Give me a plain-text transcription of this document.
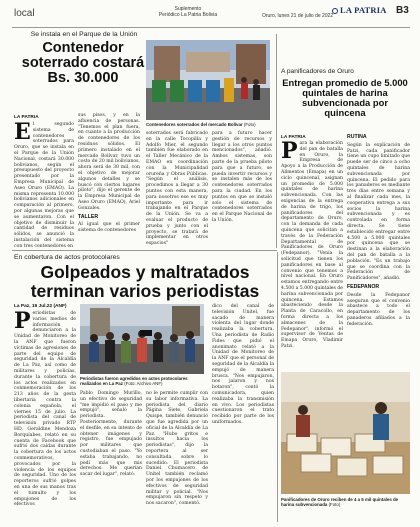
local	Suplemento
Periódico La Patria Bolivia	Oruro, lunes 21 de julio de 2022
LA PATRIA B3
Se instala en el Parque de la Unión
Contenedor soterrado costará Bs. 30.000
LA PATRIA
El segundo sistema de contenedores soterrados para Oruro, que se instala en el Parque de la Unión Nacional, costará 30.000 bolivianos, según el presupuesto del proyecto presentado por la Empresa Municipal de Aseo Oruro (EMAO). La misma representa 10.000 bolivianos adicionales en comparación al primero, por algunas mejoras que se aumentaron. Con el objetivo de disminuir la cantidad de residuos sólidos, se anunció la instalación del sistema con tres contenedores en
sus pisos, y en la afluencia de personas. "Tenemos el plan fuera, en cuanto a la producción de contenedores de los residuos sólidos. El primero instalado en el mercado Bolívar, tuvo un costo de 20 mil bolivianos, ahora será de 30 mil, con el objetivo de mejorar algunos detalles y se buscó con ciertos lugares piloto", dijo el gerente de la Empresa Municipal de Aseo Oruro (EMAO), Ariel Gonzales.
TALLER
Al igual que el primer sistema de contenedores
Contenedores soterrados del mercado Bolívar (Foto)
soterrados será fabricado en la calle Tocopilla y Adolfo Mier, el segundo también fue elaborado en el Taller Mecánico de la EMAO en coordinación con la Municipalidad orureña y Obras Públicas. "Según el análisis, procedimos a llegar a 30 puntos con esta manera, para nosotros ese es muy importante para ir trabajando en el Parque de la Unión. Se va a evaluar el producto de prueba y junto con el proyecto, se tratará de implementar en otros espacios"
para a futuro hacer gestión de recursos y llegar a los otros puntos mencionados", añadió. Ambos sistemas, son parte de la prueba piloto para que a futuro, se pueda invertir recursos y se instalen más de los contenedores soterrados para la ciudad. En los puntos en que se instaló solo el sistema de contenedores soterrados en el Parque Nacional de la Unión.
A panificadores de Oruro
Entregan promedio de 5.000 quintales de harina subvencionada por quincena
LA PATRIA
Para la elaboración del pan de batalla en Oruro, la Empresa de Apoyo a la Producción de Alimentos (Emapa) en un ciclo quincenal, asignan un promedio de 5.000 quintales de harina subvencionada. Con las exigencias de la entrega de harina de trigo, los panificadores del departamento de Oruro, con la demanda de cada quincena que solicitan a través de la Federación Departamental de Panificadores de Oruro (Fedepanor). "Venía la solicitud que tienen los panificadores en base al convenio que tenemos a nivel nacional. En Oruro estamos entregando entre 4.500 a 5.000 quintales de harina subvencionada por quincena. Estamos abasteciendo desde la Planta de Caracollo, en forma directa a los almacenes de la Fedepanor", informó el supervisor de Ventas de Emapa Oruro, Vladimir Patzi.
RUTINA
Según la explicación de Patzi, cada panificador tiene un cupo limitado que puede ser de cinco a ocho quintales de harina subvencionada por quincena. El pedido para los panaderos es mediante tres días entre semana y al finalizar cada mes, la cooperativa entrega a sus socios la harina subvencionada y es controlada en forma directa. Se tiene establecido entregar entre 4.500 a 5.000 quintales por quincena que se destinan a la elaboración del pan de batalla a la población. "Es un trabajo que se coordina con la Federación de Panificadores", añadió.
FEDEPANOR
Desde la Fedepanor aseguran que el convenio abastece a todo el departamento de los panaderos afiliados a la federación.
En cobertura de actos protocolares
Golpeados y maltratados
terminan varios periodistas
La Paz, 19 Jul.22 (ANF)
Periodistas de varios medios de información denunciaron a la Unidad de Monitoreo de la ANF que fueron víctimas de agresiones de parte del equipo de seguridad de la Alcaldía de La Paz, así como de militares y policías, durante la cobertura de los actos realizados en conmemoración de los 213 años de la gesta libertaria contra la colonia española, el viernes 15 de julio. La periodista del canal de televisión privado RTP HD, Geraldine Mendoza Borquíabes, relató en su cuenta de Facebook que sufrió dos caídas durante la cobertura de los actos conmemorativos, provocados por la violencia de los equipos de seguridad. Uno de los reporteros sufrió golpes en una de sus manos tras el tumulto y los empujones de los efectivos
Periodistas fueron agredidos en actos protocolares realizados en La Paz (Foto: Archivo ANF)
Pablo Domingo Murillo, un efectivo de seguridad "me impidió el paso y me empujó", señaló la periodista. Posteriormente, durante el desfile, en su intento de obtener imágenes y registro, fue empujado por militares que custodiaban el paso. "Yo estaba trabajando, no pedí más que mis derechos. Me querían sacar del lugar", relató.
no le permite cumplir con su labor informativa. La periodista del diario Página Siete, Gabriela Quispe, también denunció que fue agredida por un oficial de la Alcaldía de La Paz. "Hubo gritos e insultos hacia los periodistas", dijo la reportera al ser consultada sobre lo sucedido. El periodista Daniel Chumacero de Unitel también reclamó por los empujones de los efectivos de seguridad militar y policial. "Nos empujaron sin respeto y nos sacaron", comentó.
dico del canal de televisión Unitel, fue sacado de manera violenta del lugar donde realizaba la cobertura. Una periodista de Radio Fides que pidió el anonimato relató a la Unidad de Monitoreo de la ANF que el personal de seguridad de la Alcaldía la empujó de manera brusca. "Nos empujaron, nos jalaron y nos botaron", contó la comunicadora, quien realizaba la transmisión en vivo. Los periodistas cuestionaron el trato recibido por parte de los uniformados.
Panificadores de Oruro reciben de 4 a 5 mil quintales de harina subvencionada (Foto)
